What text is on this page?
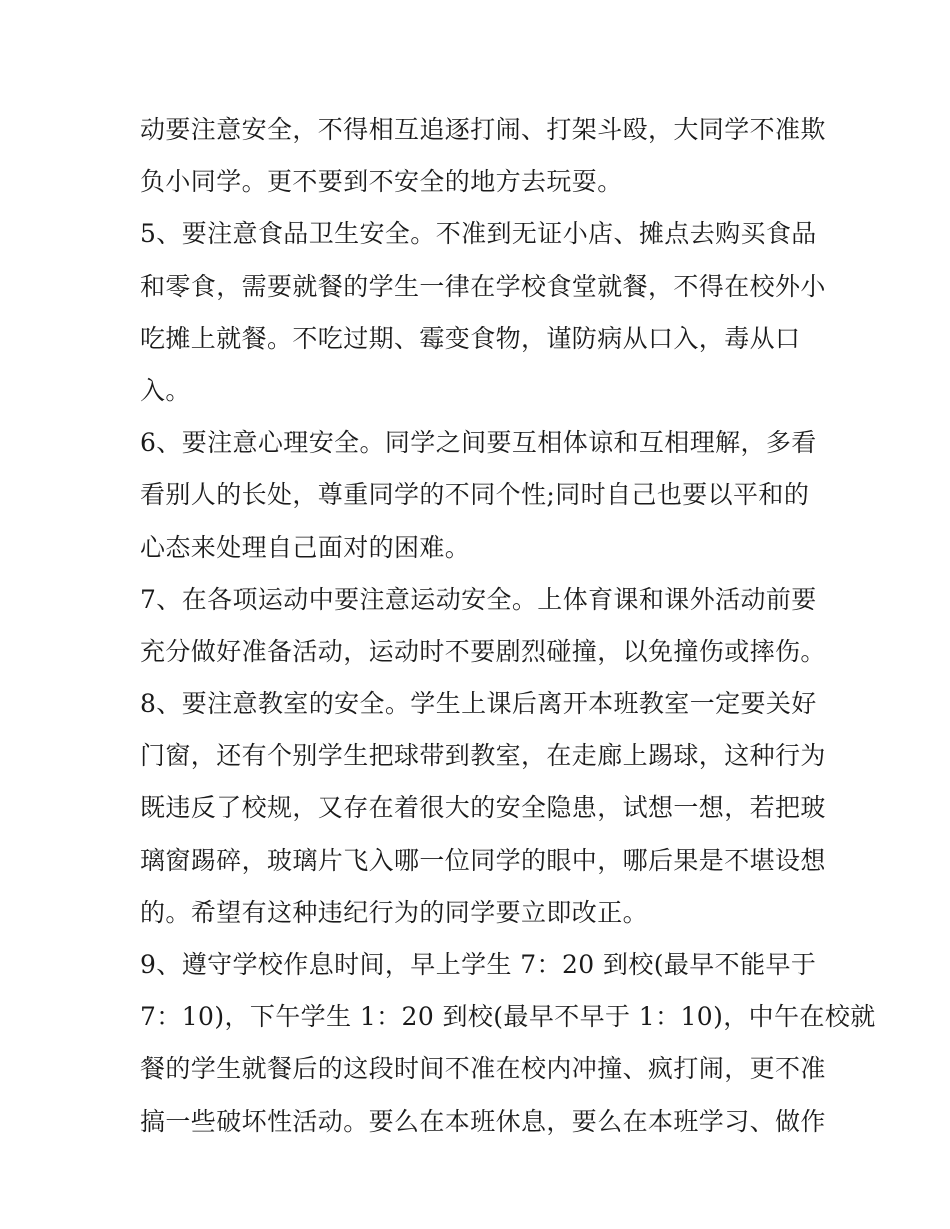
动要注意安全，不得相互追逐打闹、打架斗殴，大同学不准欺
负小同学。更不要到不安全的地方去玩耍。
5、要注意食品卫生安全。不准到无证小店、摊点去购买食品
和零食，需要就餐的学生一律在学校食堂就餐，不得在校外小
吃摊上就餐。不吃过期、霉变食物，谨防病从口入，毒从口
入。
6、要注意心理安全。同学之间要互相体谅和互相理解，多看
看别人的长处，尊重同学的不同个性;同时自己也要以平和的
心态来处理自己面对的困难。
7、在各项运动中要注意运动安全。上体育课和课外活动前要
充分做好准备活动，运动时不要剧烈碰撞，以免撞伤或摔伤。
8、要注意教室的安全。学生上课后离开本班教室一定要关好
门窗，还有个别学生把球带到教室，在走廊上踢球，这种行为
既违反了校规，又存在着很大的安全隐患，试想一想，若把玻
璃窗踢碎，玻璃片飞入哪一位同学的眼中，哪后果是不堪设想
的。希望有这种违纪行为的同学要立即改正。
9、遵守学校作息时间，早上学生 7：20 到校(最早不能早于
7：10)，下午学生 1：20 到校(最早不早于 1：10)，中午在校就
餐的学生就餐后的这段时间不准在校内冲撞、疯打闹，更不准
搞一些破坏性活动。要么在本班休息，要么在本班学习、做作
